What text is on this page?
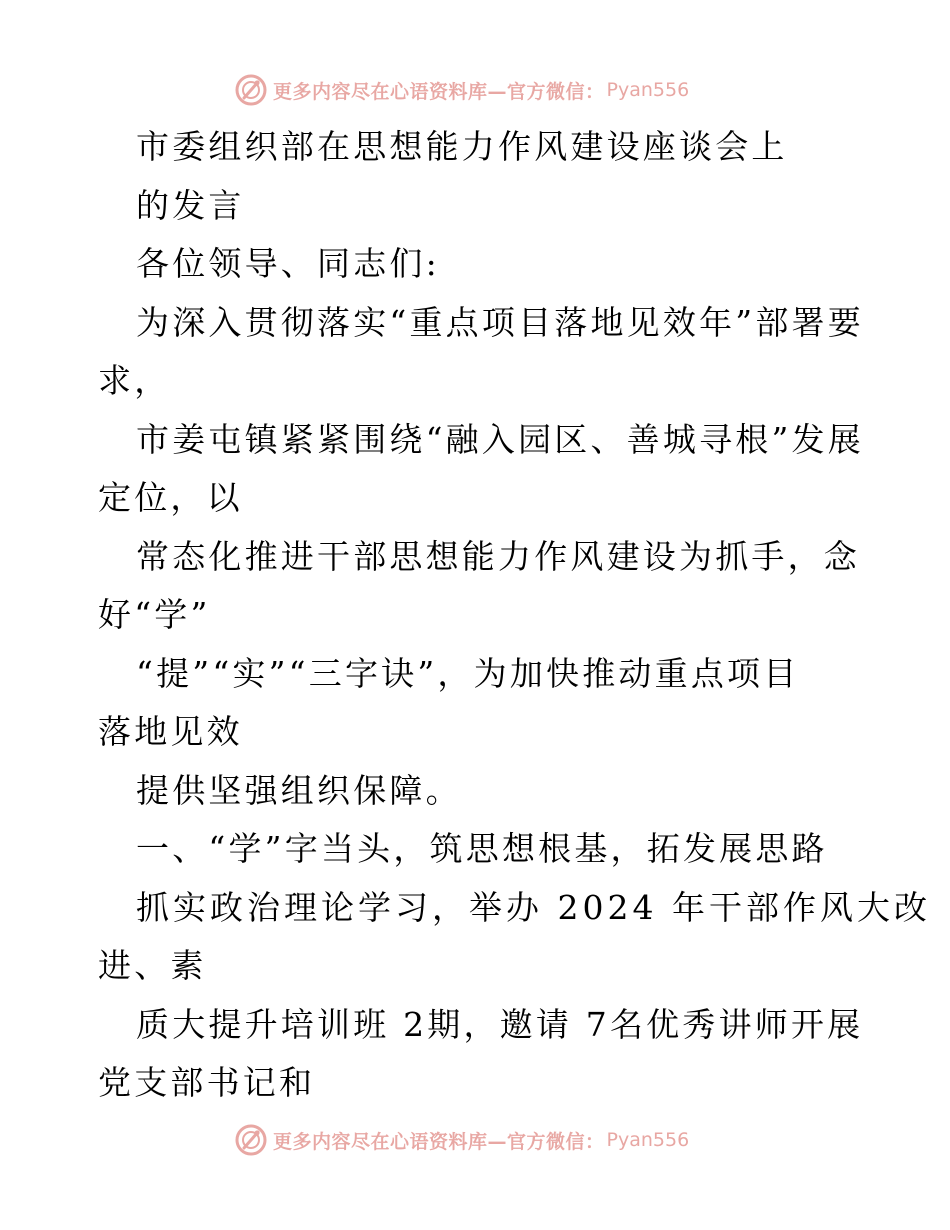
更多内容尽在心语资料库—官方微信： Pyan556
市委组织部在思想能力作风建设座谈会上
的发言
各位领导、同志们:
为深入贯彻落实“重点项目落地见效年”部署要
求，
市姜屯镇紧紧围绕“融入园区、善城寻根”发展
定位，以
常态化推进干部思想能力作风建设为抓手，念
好“学”
“提”“实”“三字诀”，为加快推动重点项目
落地见效
提供坚强组织保障。
一、“学”字当头，筑思想根基，拓发展思路
抓实政治理论学习，举办 2024 年干部作风大改
进、素
质大提升培训班 2期，邀请 7名优秀讲师开展
党支部书记和
更多内容尽在心语资料库—官方微信： Pyan556
